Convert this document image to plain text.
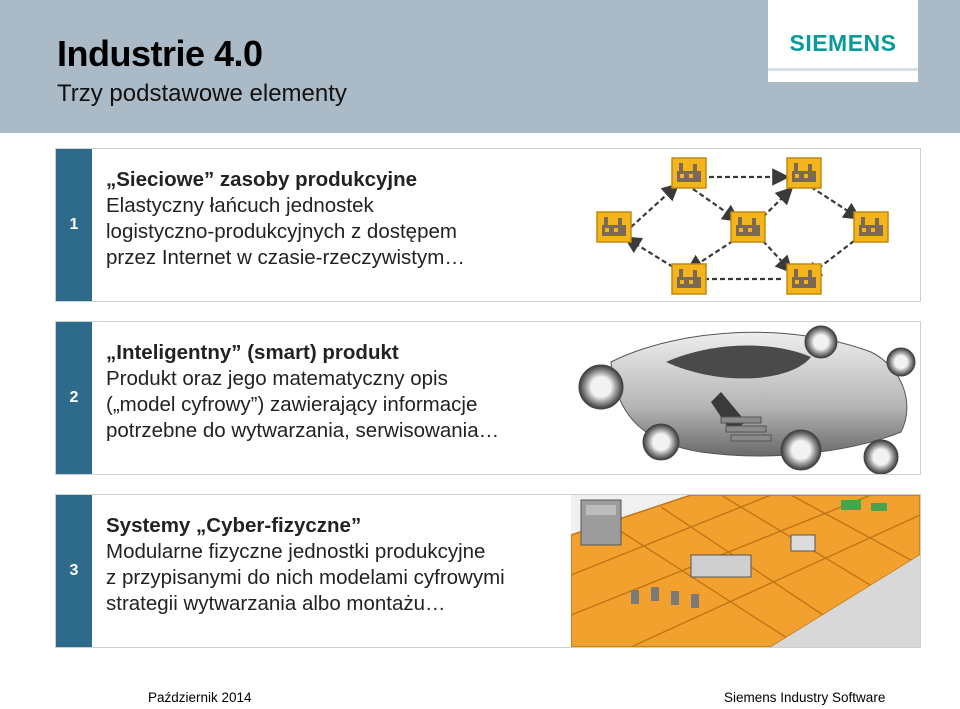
Industrie 4.0
Trzy podstawowe elementy
SIEMENS
1
„Sieciowe” zasoby produkcyjne
Elastyczny łańcuch jednostek
logistyczno-produkcyjnych z dostępem
przez Internet w czasie-rzeczywistym…
2
„Inteligentny” (smart) produkt
Produkt oraz jego matematyczny opis
(„model cyfrowy”) zawierający informacje
potrzebne do wytwarzania, serwisowania…
3
Systemy „Cyber-fizyczne”
Modularne fizyczne jednostki produkcyjne
z przypisanymi do nich modelami cyfrowymi
strategii wytwarzania albo montażu…
Październik 2014	Siemens Industry Software
